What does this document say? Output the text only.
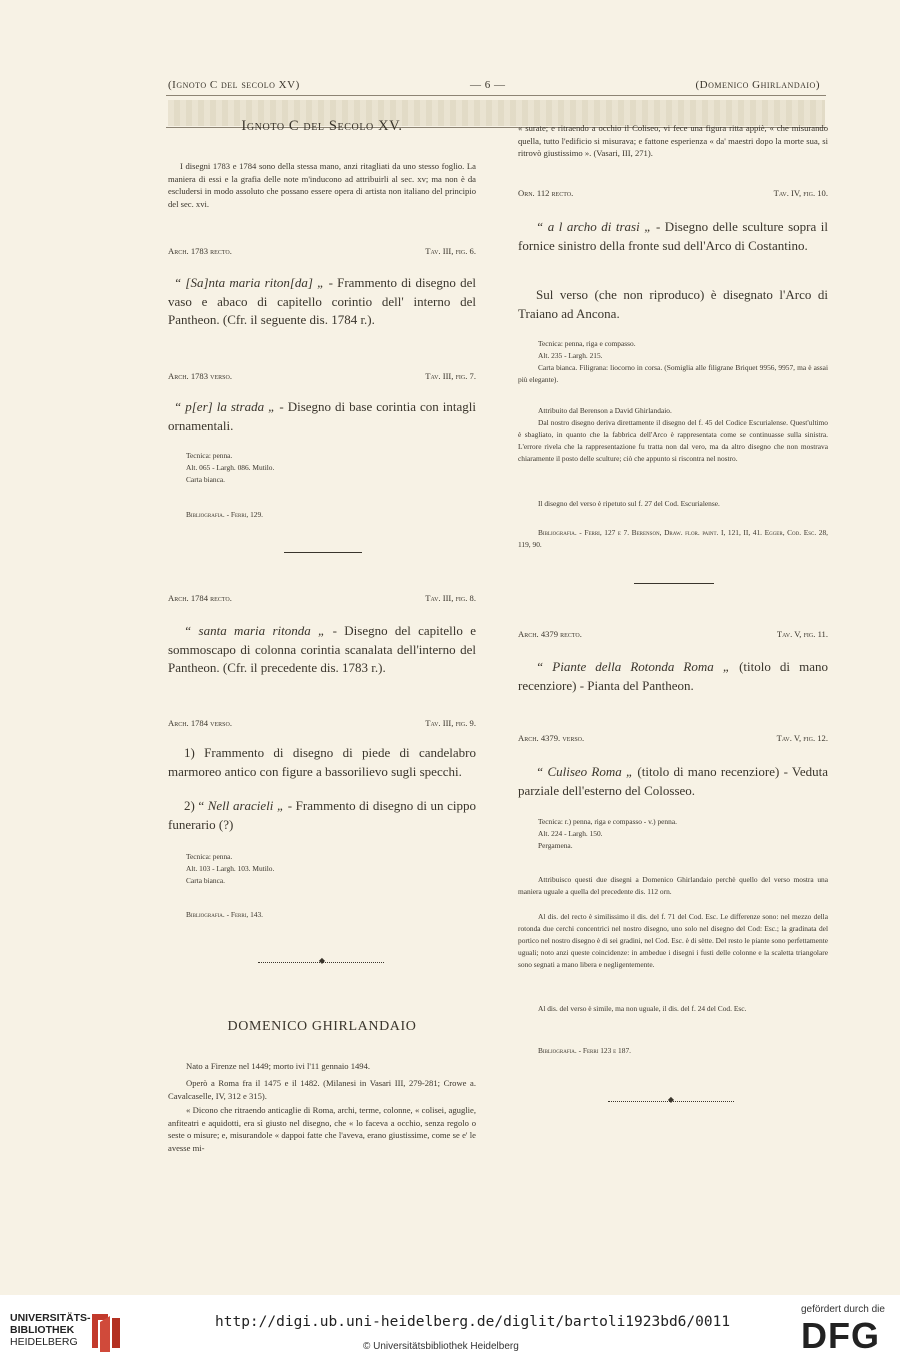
(Ignoto C del secolo XV)	— 6 —	(Domenico Ghirlandaio)
Ignoto C del Secolo XV.
I disegni 1783 e 1784 sono della stessa mano, anzi ritagliati da uno stesso foglio. La maniera di essi e la grafia delle note m'inducono ad attribuirli al sec. xv; ma non è da escludersi in modo assoluto che possano essere opera di artista non italiano del principio del sec. xvi.
Arch. 1783 recto.	Tav. III, fig. 6.
“ [Sa]nta maria riton[da] „ - Frammento di disegno del vaso e abaco di capitello corintio dell' interno del Pantheon. (Cfr. il seguente dis. 1784 r.).
Arch. 1783 verso.	Tav. III, fig. 7.
“ p[er] la strada „ - Disegno di base corintia con intagli ornamentali.
Tecnica: penna.
Alt. 065 - Largh. 086. Mutilo.
Carta bianca.
Bibliografia. - Ferri, 129.
Arch. 1784 recto.	Tav. III, fig. 8.
“ santa maria ritonda „ - Disegno del capitello e sommoscapo di colonna corintia scanalata dell'interno del Pantheon. (Cfr. il precedente dis. 1783 r.).
Arch. 1784 verso.	Tav. III, fig. 9.
1) Frammento di disegno di piede di candelabro marmoreo antico con figure a bassorilievo sugli specchi.
2) “ Nell aracieli „ - Frammento di disegno di un cippo funerario (?)
Tecnica: penna.
Alt. 103 - Largh. 103. Mutilo.
Carta bianca.
Bibliografia. - Ferri, 143.
◆
DOMENICO GHIRLANDAIO
Nato a Firenze nel 1449; morto ivi l'11 gennaio 1494.
Operò a Roma fra il 1475 e il 1482. (Milanesi in Vasari III, 279-281; Crowe a. Cavalcaselle, IV, 312 e 315).
« Dicono che ritraendo anticaglie di Roma, archi, terme, colonne, « colisei, aguglie, anfiteatri e aquidotti, era sì giusto nel disegno, che « lo faceva a occhio, senza regolo o seste o misure; e, misurandole « dappoi fatte che l'aveva, erano giustissime, come se e' le avesse mi-
« surate; e ritraendo a occhio il Coliseo, vi fece una figura ritta appiè, « che misurando quella, tutto l'edificio si misurava; e fattone esperienza « da' maestri dopo la morte sua, si ritrovò giustissimo ». (Vasari, III, 271).
Orn. 112 recto.	Tav. IV, fig. 10.
“ a l archo di trasi „ - Disegno delle sculture sopra il fornice sinistro della fronte sud dell'Arco di Costantino.
Sul verso (che non riproduco) è disegnato l'Arco di Traiano ad Ancona.
Tecnica: penna, riga e compasso.
Alt. 235 - Largh. 215.
Carta bianca. Filigrana: liocorno in corsa. (Somiglia alle filigrane Briquet 9956, 9957, ma è assai più elegante).
Attribuito dal Berenson a David Ghirlandaio.
Dal nostro disegno deriva direttamente il disegno del f. 45 del Codice Escurialense. Quest'ultimo è sbagliato, in quanto che la fabbrica dell'Arco è rappresentata come se continuasse sulla sinistra. L'errore rivela che la rappresentazione fu tratta non dal vero, ma da altro disegno che non mostrava chiaramente il posto delle sculture; ciò che appunto si riscontra nel nostro.
Il disegno del verso è ripetuto sul f. 27 del Cod. Escurialense.
Bibliografia. - Ferri, 127 e 7. Berenson, Draw. flor. paint. I, 121, II, 41. Egger, Cod. Esc. 28, 119, 90.
Arch. 4379 recto.	Tav. V, fig. 11.
“ Piante della Rotonda Roma „ (titolo di mano recenziore) - Pianta del Pantheon.
Arch. 4379. verso.	Tav. V, fig. 12.
“ Culiseo Roma „ (titolo di mano recenziore) - Veduta parziale dell'esterno del Colosseo.
Tecnica: r.) penna, riga e compasso - v.) penna.
Alt. 224 - Largh. 150.
Pergamena.
Attribuisco questi due disegni a Domenico Ghirlandaio perchè quello del verso mostra una maniera uguale a quella del precedente dis. 112 orn.
Al dis. del recto è similissimo il dis. del f. 71 del Cod. Esc. Le differenze sono: nel mezzo della rotonda due cerchi concentrici nel nostro disegno, uno solo nel disegno del Cod: Esc.; la gradinata del portico nel nostro disegno è di sei gradini, nel Cod. Esc. è di sètte. Del resto le piante sono perfettamente uguali; noto anzi queste coincidenze: in ambedue i disegni i fusti delle colonne e la scaletta triangolare sono segnati a mano libera e negligentemente.
Al dis. del verso è simile, ma non uguale, il dis. del f. 24 del Cod. Esc.
Bibliografia. - Ferri 123 e 187.
◆
UNIVERSITÄTS-
BIBLIOTHEK
HEIDELBERG
http://digi.ub.uni-heidelberg.de/diglit/bartoli1923bd6/0011
© Universitätsbibliothek Heidelberg
gefördert durch die
DFG
